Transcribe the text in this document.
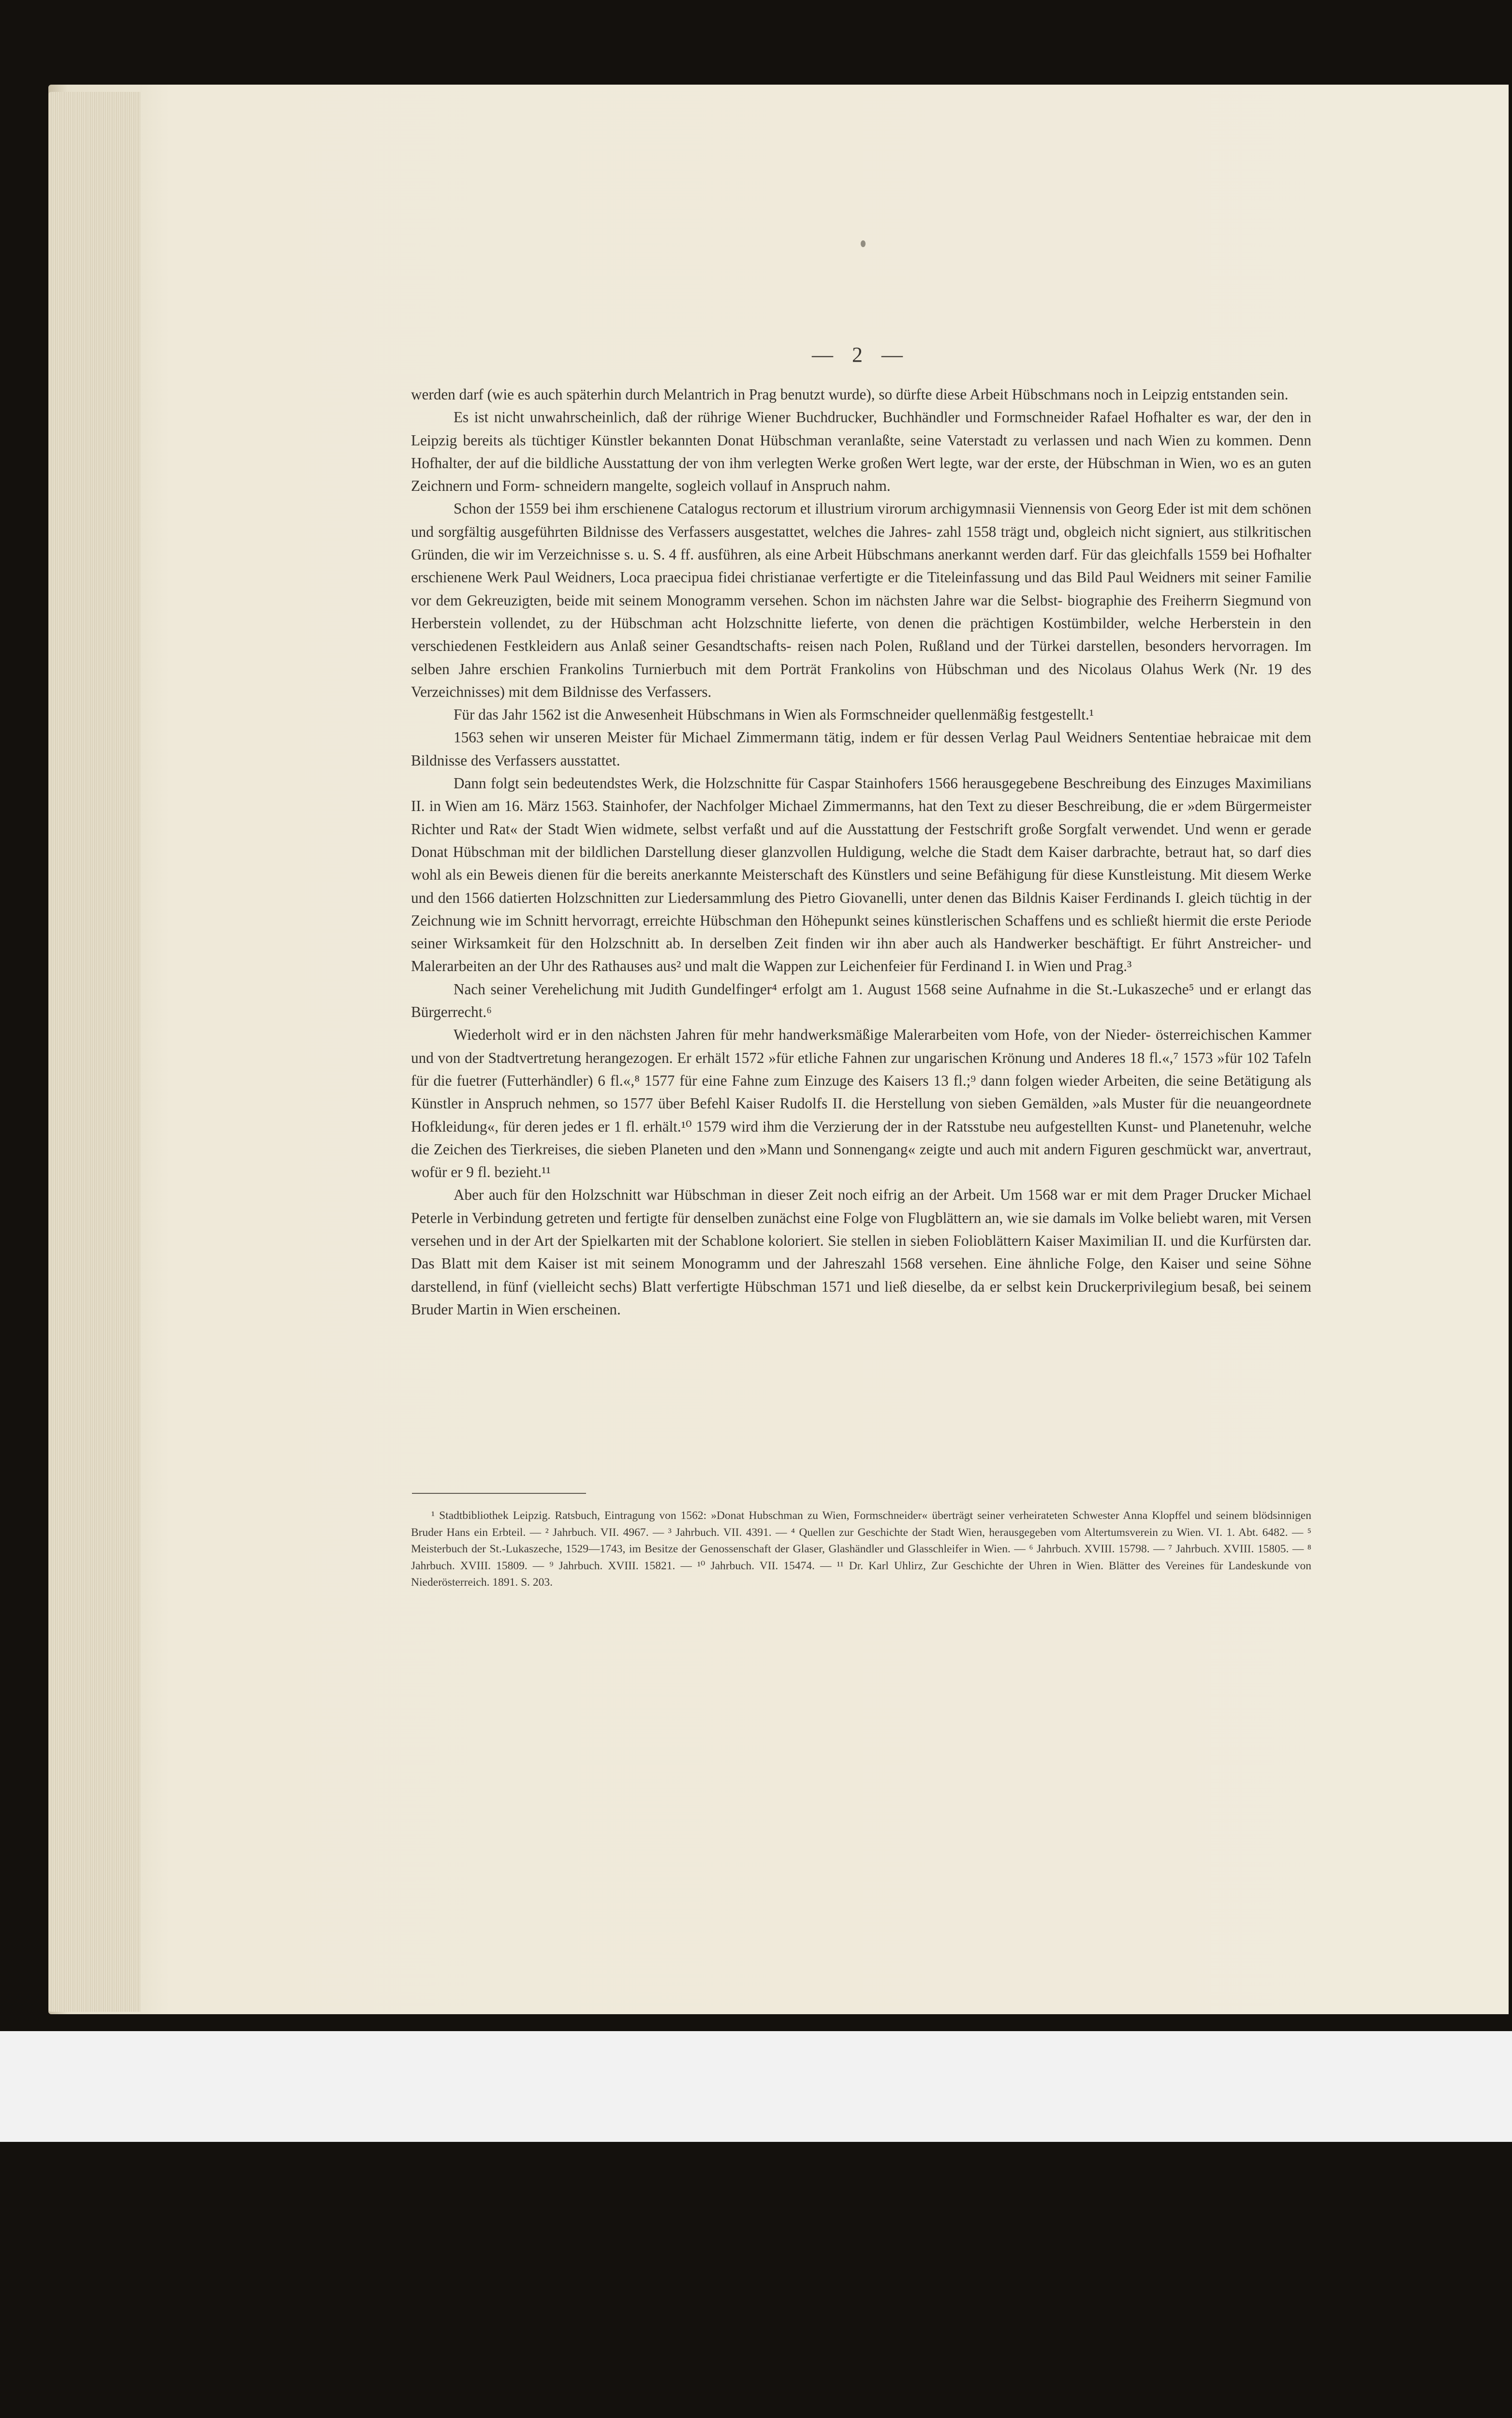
— 2 —

werden darf (wie es auch späterhin durch Melantrich in Prag benutzt wurde), so dürfte diese Arbeit Hübschmans noch in Leipzig entstanden sein.

Es ist nicht unwahrscheinlich, daß der rührige Wiener Buchdrucker, Buchhändler und Formschneider Rafael Hofhalter es war, der den in Leipzig bereits als tüchtiger Künstler bekannten Donat Hübschman veranlaßte, seine Vaterstadt zu verlassen und nach Wien zu kommen. Denn Hofhalter, der auf die bildliche Ausstattung der von ihm verlegten Werke großen Wert legte, war der erste, der Hübschman in Wien, wo es an guten Zeichnern und Form- schneidern mangelte, sogleich vollauf in Anspruch nahm.

Schon der 1559 bei ihm erschienene Catalogus rectorum et illustrium virorum archigymnasii Viennensis von Georg Eder ist mit dem schönen und sorgfältig ausgeführten Bildnisse des Verfassers ausgestattet, welches die Jahres- zahl 1558 trägt und, obgleich nicht signiert, aus stilkritischen Gründen, die wir im Verzeichnisse s. u. S. 4 ff. ausführen, als eine Arbeit Hübschmans anerkannt werden darf. Für das gleichfalls 1559 bei Hofhalter erschienene Werk Paul Weidners, Loca praecipua fidei christianae verfertigte er die Titeleinfassung und das Bild Paul Weidners mit seiner Familie vor dem Gekreuzigten, beide mit seinem Monogramm versehen. Schon im nächsten Jahre war die Selbst- biographie des Freiherrn Siegmund von Herberstein vollendet, zu der Hübschman acht Holzschnitte lieferte, von denen die prächtigen Kostümbilder, welche Herberstein in den verschiedenen Festkleidern aus Anlaß seiner Gesandtschafts- reisen nach Polen, Rußland und der Türkei darstellen, besonders hervorragen. Im selben Jahre erschien Frankolins Turnierbuch mit dem Porträt Frankolins von Hübschman und des Nicolaus Olahus Werk (Nr. 19 des Verzeichnisses) mit dem Bildnisse des Verfassers.

Für das Jahr 1562 ist die Anwesenheit Hübschmans in Wien als Formschneider quellenmäßig festgestellt.¹

1563 sehen wir unseren Meister für Michael Zimmermann tätig, indem er für dessen Verlag Paul Weidners Sententiae hebraicae mit dem Bildnisse des Verfassers ausstattet.

Dann folgt sein bedeutendstes Werk, die Holzschnitte für Caspar Stainhofers 1566 herausgegebene Beschreibung des Einzuges Maximilians II. in Wien am 16. März 1563. Stainhofer, der Nachfolger Michael Zimmermanns, hat den Text zu dieser Beschreibung, die er »dem Bürgermeister Richter und Rat« der Stadt Wien widmete, selbst verfaßt und auf die Ausstattung der Festschrift große Sorgfalt verwendet. Und wenn er gerade Donat Hübschman mit der bildlichen Darstellung dieser glanzvollen Huldigung, welche die Stadt dem Kaiser darbrachte, betraut hat, so darf dies wohl als ein Beweis dienen für die bereits anerkannte Meisterschaft des Künstlers und seine Befähigung für diese Kunstleistung. Mit diesem Werke und den 1566 datierten Holzschnitten zur Liedersammlung des Pietro Giovanelli, unter denen das Bildnis Kaiser Ferdinands I. gleich tüchtig in der Zeichnung wie im Schnitt hervorragt, erreichte Hübschman den Höhepunkt seines künstlerischen Schaffens und es schließt hiermit die erste Periode seiner Wirksamkeit für den Holzschnitt ab. In derselben Zeit finden wir ihn aber auch als Handwerker beschäftigt. Er führt Anstreicher- und Malerarbeiten an der Uhr des Rathauses aus² und malt die Wappen zur Leichenfeier für Ferdinand I. in Wien und Prag.³

Nach seiner Verehelichung mit Judith Gundelfinger⁴ erfolgt am 1. August 1568 seine Aufnahme in die St.-Lukaszeche⁵ und er erlangt das Bürgerrecht.⁶

Wiederholt wird er in den nächsten Jahren für mehr handwerksmäßige Malerarbeiten vom Hofe, von der Nieder- österreichischen Kammer und von der Stadtvertretung herangezogen. Er erhält 1572 »für etliche Fahnen zur ungarischen Krönung und Anderes 18 fl.«,⁷ 1573 »für 102 Tafeln für die fuetrer (Futterhändler) 6 fl.«,⁸ 1577 für eine Fahne zum Einzuge des Kaisers 13 fl.;⁹ dann folgen wieder Arbeiten, die seine Betätigung als Künstler in Anspruch nehmen, so 1577 über Befehl Kaiser Rudolfs II. die Herstellung von sieben Gemälden, »als Muster für die neuangeordnete Hofkleidung«, für deren jedes er 1 fl. erhält.¹⁰ 1579 wird ihm die Verzierung der in der Ratsstube neu aufgestellten Kunst- und Planetenuhr, welche die Zeichen des Tierkreises, die sieben Planeten und den »Mann und Sonnengang« zeigte und auch mit andern Figuren geschmückt war, anvertraut, wofür er 9 fl. bezieht.¹¹

Aber auch für den Holzschnitt war Hübschman in dieser Zeit noch eifrig an der Arbeit. Um 1568 war er mit dem Prager Drucker Michael Peterle in Verbindung getreten und fertigte für denselben zunächst eine Folge von Flugblättern an, wie sie damals im Volke beliebt waren, mit Versen versehen und in der Art der Spielkarten mit der Schablone koloriert. Sie stellen in sieben Folioblättern Kaiser Maximilian II. und die Kurfürsten dar. Das Blatt mit dem Kaiser ist mit seinem Monogramm und der Jahreszahl 1568 versehen. Eine ähnliche Folge, den Kaiser und seine Söhne darstellend, in fünf (vielleicht sechs) Blatt verfertigte Hübschman 1571 und ließ dieselbe, da er selbst kein Druckerprivilegium besaß, bei seinem Bruder Martin in Wien erscheinen.

¹ Stadtbibliothek Leipzig. Ratsbuch, Eintragung von 1562: »Donat Hubschman zu Wien, Formschneider« überträgt seiner verheirateten Schwester Anna Klopffel und seinem blödsinnigen Bruder Hans ein Erbteil. — ² Jahrbuch. VII. 4967. — ³ Jahrbuch. VII. 4391. — ⁴ Quellen zur Geschichte der Stadt Wien, herausgegeben vom Altertumsverein zu Wien. VI. 1. Abt. 6482. — ⁵ Meisterbuch der St.-Lukaszeche, 1529—1743, im Besitze der Genossenschaft der Glaser, Glashändler und Glasschleifer in Wien. — ⁶ Jahrbuch. XVIII. 15798. — ⁷ Jahrbuch. XVIII. 15805. — ⁸ Jahrbuch. XVIII. 15809. — ⁹ Jahrbuch. XVIII. 15821. — ¹⁰ Jahrbuch. VII. 15474. — ¹¹ Dr. Karl Uhlirz, Zur Geschichte der Uhren in Wien. Blätter des Vereines für Landeskunde von Niederösterreich. 1891. S. 203.
